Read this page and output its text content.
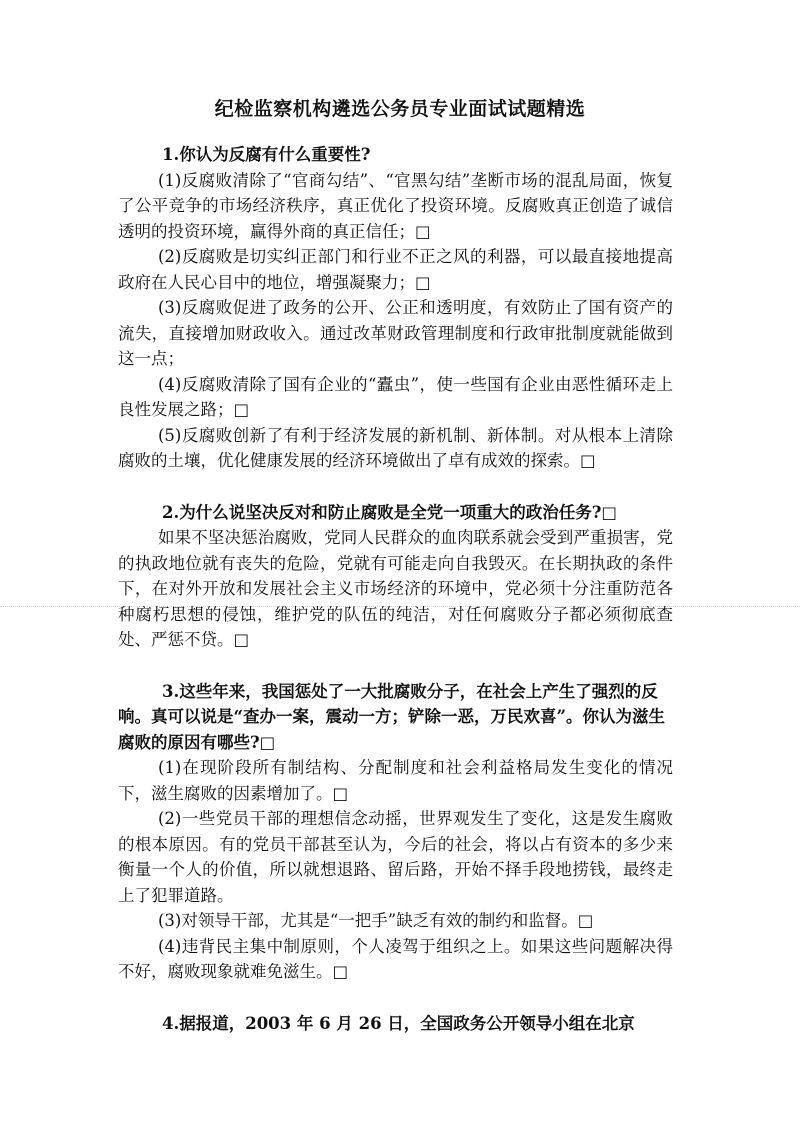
纪检监察机构遴选公务员专业面试试题精选

1.你认为反腐有什么重要性?

(1)反腐败清除了“官商勾结”、“官黑勾结”垄断市场的混乱局面，恢复了公平竞争的市场经济秩序，真正优化了投资环境。反腐败真正创造了诚信透明的投资环境，赢得外商的真正信任；□

(2)反腐败是切实纠正部门和行业不正之风的利器，可以最直接地提高政府在人民心目中的地位，增强凝聚力；□

(3)反腐败促进了政务的公开、公正和透明度，有效防止了国有资产的流失，直接增加财政收入。通过改革财政管理制度和行政审批制度就能做到这一点；

(4)反腐败清除了国有企业的“蠹虫”，使一些国有企业由恶性循环走上良性发展之路；□

(5)反腐败创新了有利于经济发展的新机制、新体制。对从根本上清除腐败的土壤，优化健康发展的经济环境做出了卓有成效的探索。□

2.为什么说坚决反对和防止腐败是全党一项重大的政治任务?□

如果不坚决惩治腐败，党同人民群众的血肉联系就会受到严重损害，党的执政地位就有丧失的危险，党就有可能走向自我毁灭。在长期执政的条件下，在对外开放和发展社会主义市场经济的环境中，党必须十分注重防范各种腐朽思想的侵蚀，维护党的队伍的纯洁，对任何腐败分子都必须彻底查处、严惩不贷。□

3.这些年来，我国惩处了一大批腐败分子，在社会上产生了强烈的反响。真可以说是“查办一案，震动一方；铲除一恶，万民欢喜”。你认为滋生腐败的原因有哪些?□

(1)在现阶段所有制结构、分配制度和社会利益格局发生变化的情况下，滋生腐败的因素增加了。□

(2)一些党员干部的理想信念动摇，世界观发生了变化，这是发生腐败的根本原因。有的党员干部甚至认为，今后的社会，将以占有资本的多少来衡量一个人的价值，所以就想退路、留后路，开始不择手段地捞钱，最终走上了犯罪道路。

(3)对领导干部，尤其是“一把手”缺乏有效的制约和监督。□

(4)违背民主集中制原则，个人凌驾于组织之上。如果这些问题解决得不好，腐败现象就难免滋生。□

4.据报道，2003 年 6 月 26 日，全国政务公开领导小组在北京
